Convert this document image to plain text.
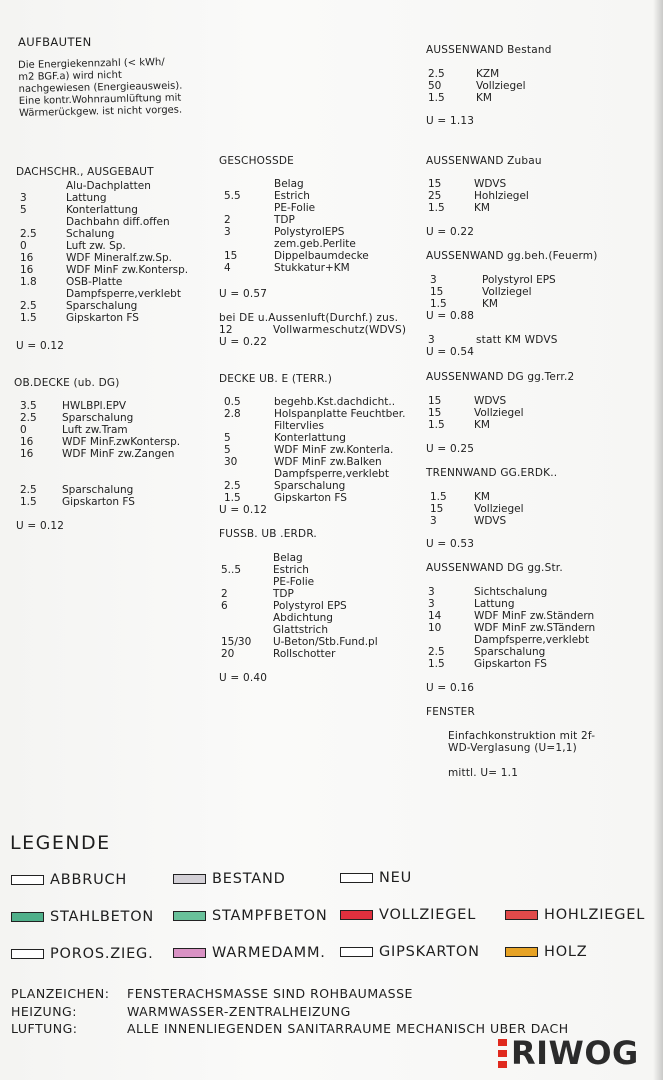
AUFBAUTEN
Die Energiekennzahl (< kWh/
m2 BGF.a) wird nicht
nachgewiesen (Energieausweis).
Eine kontr.Wohnraumlüftung mit
Wärmerückgew. ist nicht vorges.
DACHSCHR., AUSGEBAUT
Alu-Dachplatten
3	Lattung
5	Konterlattung
Dachbahn diff.offen
2.5	Schalung
0	Luft zw. Sp.
16	WDF Mineralf.zw.Sp.
16	WDF MinF zw.Kontersp.
1.8	OSB-Platte
Dampfsperre,verklebt
2.5	Sparschalung
1.5	Gipskarton FS
U = 0.12
OB.DECKE (ub. DG)
3.5 HWLBPl.EPV
2.5 Sparschalung
0	Luft zw.Tram
16	WDF MinF.zwKontersp.
16	WDF MinF zw.Zangen
2.5 Sparschalung
1.5 Gipskarton FS
U = 0.12
GESCHOSSDE
Belag
5.5	Estrich
PE-Folie
2	TDP
3	PolystyrolEPS
zem.geb.Perlite
15	Dippelbaumdecke
4	Stukkatur+KM
U = 0.57
bei DE u.Aussenluft(Durchf.) zus.
12	Vollwarmeschutz(WDVS)
U = 0.22
DECKE UB. E (TERR.)
0.5	begehb.Kst.dachdicht..
2.8	Holspanplatte Feuchtber.
Filtervlies
5	Konterlattung
5	WDF MinF zw.Konterla.
30	WDF MinF zw.Balken
Dampfsperre,verklebt
2.5	Sparschalung
1.5	Gipskarton FS
U = 0.12
FUSSB. UB .ERDR.
Belag
5..5	Estrich
PE-Folie
2	TDP
6	Polystyrol EPS
Abdichtung
Glattstrich
15/30 U-Beton/Stb.Fund.pl
20	Rollschotter
U = 0.40
AUSSENWAND Bestand
2.5	KZM
50	Vollziegel
1.5	KM
U = 1.13
AUSSENWAND Zubau
15	WDVS
25	Hohlziegel
1.5	KM
U = 0.22
AUSSENWAND gg.beh.(Feuerm)
3	Polystyrol EPS
15	Vollziegel
1.5	KM
U = 0.88
3	statt KM WDVS
U = 0.54
AUSSENWAND DG gg.Terr.2
15	WDVS
15	Vollziegel
1.5	KM
U = 0.25
TRENNWAND GG.ERDK..
1.5	KM
15	Vollziegel
3	WDVS
U = 0.53
AUSSENWAND DG gg.Str.
3	Sichtschalung
3	Lattung
14	WDF MinF zw.Ständern
10	WDF MinF zw.STändern
Dampfsperre,verklebt
2.5	Sparschalung
1.5	Gipskarton FS
U = 0.16
FENSTER
Einfachkonstruktion mit 2f-
WD-Verglasung (U=1,1)
mittl. U= 1.1
LEGENDE
ABBRUCH	BESTAND	NEU
STAHLBETON	STAMPFBETON	VOLLZIEGEL	HOHLZIEGEL
POROS.ZIEG.	WARMEDAMM.	GIPSKARTON	HOLZ
PLANZEICHEN: FENSTERACHSMASSE SIND ROHBAUMASSE
HEIZUNG:	WARMWASSER-ZENTRALHEIZUNG
LUFTUNG:	ALLE INNENLIEGENDEN SANITARRAUME MECHANISCH UBER DACH
RIWOG
